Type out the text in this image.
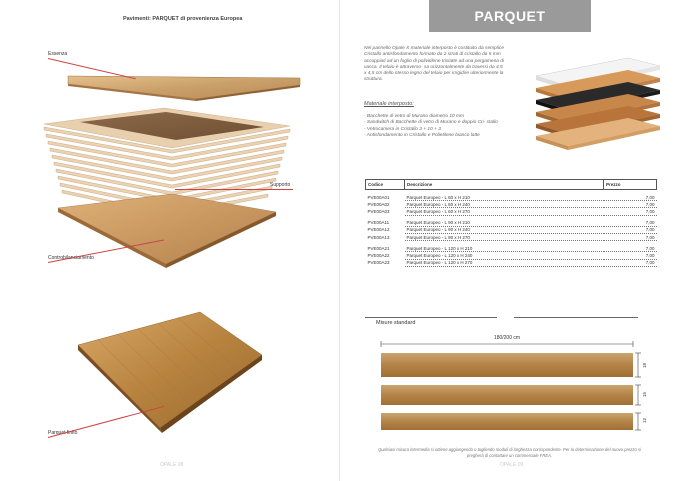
Pavimenti: PARQUET di provenienza Europea
Essenza
Supporto
Controbilanciamento
Parquet finito
OPALE 08
PARQUET
Nel pannello Opale X materiale interposto è costituito da semplice Cristallo antisfondamento formato da 2 strati di cristallo da 5 mm accoppiati ad un foglio di polivitilene trislatte ad una pergamena di vacca. Il telaio è attraverso- sa orizzontalmente da traversi da 4,5 x 4,5 cm dello stesso legno del telaio per irrigidire ulteriormente la struttura.
Materiale interposto:
- Bacchette di vetro di Murano diametro 10 mm
- Sandwitch di Bacchette di vetro di Murano e doppio Cri- stallo
- Vetrocamera in Cristallo 3 + 10 + 3
- Antisfondamento in Cristallo e Polietilene bianco latte
Codice	Descrizione	Prezzo

PVE00A01	Parquet Europeo - L 60 x H 210	7,00
PVE00A02	Parquet Europeo - L 60 x H 240	7,00
PVE00A03	Parquet Europeo - L 60 x H 270	7,00

PVE00A11	Parquet Europeo - L 90 x H 210	7,00
PVE00A12	Parquet Europeo - L 90 x H 240	7,00
PVE00A13	Parquet Europeo - L 90 x H 270	7,00

PVE00A21	Parquet Europeo - L 120 x H 210	7,00
PVE00A22	Parquet Europeo - L 120 x H 240	7,00
PVE00A23	Parquet Europeo - L 120 x H 270	7,00
Misure standard
180/200 cm
18
15
12
Qualsiasi misura intermedia si ottiene aggiungendo o togliendo moduli di larghezza corrispondente. Per la determinazione del nuovo prezzo si pregherà di contattare un commerciale FREA.
OPALE 09
